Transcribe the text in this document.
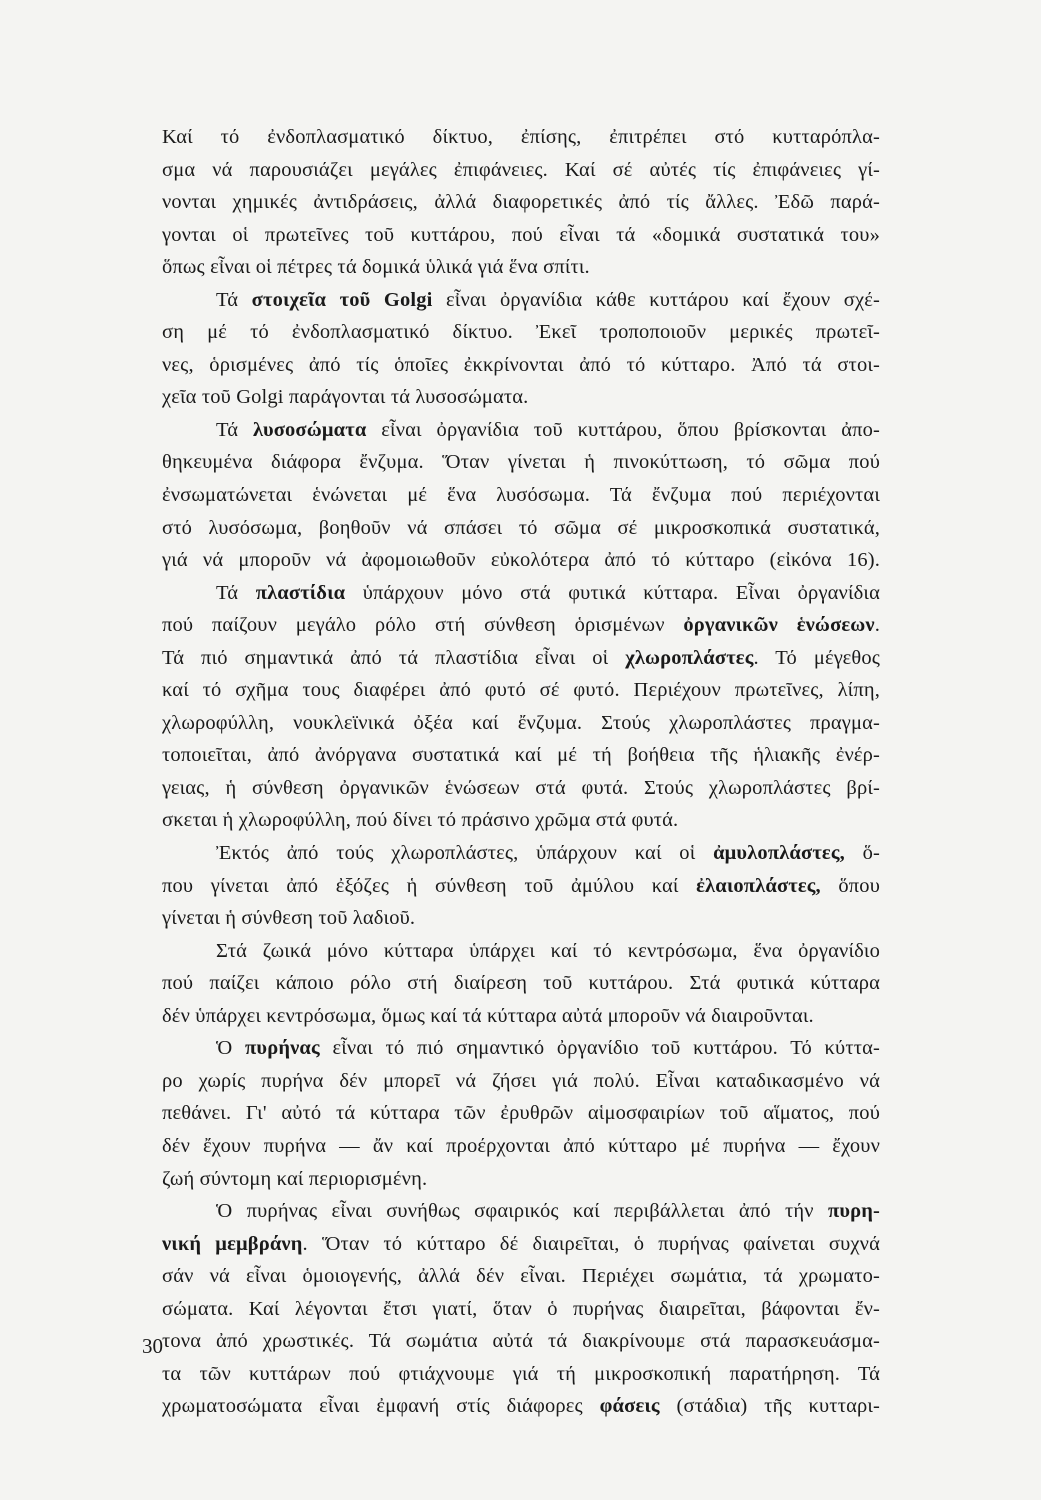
Καί τό ἐνδοπλασματικό δίκτυο, ἐπίσης, ἐπιτρέπει στό κυτταρόπλα-
σμα νά παρουσιάζει μεγάλες ἐπιφάνειες. Καί σέ αὐτές τίς ἐπιφάνειες γί-
νονται χημικές ἀντιδράσεις, ἀλλά διαφορετικές ἀπό τίς ἄλλες. Ἐδῶ παρά-
γονται οἱ πρωτεῖνες τοῦ κυττάρου, πού εἶναι τά «δομικά συστατικά του»
ὅπως εἶναι οἱ πέτρες τά δομικά ὑλικά γιά ἕνα σπίτι.
Τά στοιχεῖα τοῦ Golgi εἶναι ὀργανίδια κάθε κυττάρου καί ἔχουν σχέ-
ση μέ τό ἐνδοπλασματικό δίκτυο. Ἐκεῖ τροποποιοῦν μερικές πρωτεῖ-
νες, ὁρισμένες ἀπό τίς ὁποῖες ἐκκρίνονται ἀπό τό κύτταρο. Ἀπό τά στοι-
χεῖα τοῦ Golgi παράγονται τά λυσοσώματα.
Τά λυσοσώματα εἶναι ὀργανίδια τοῦ κυττάρου, ὅπου βρίσκονται ἀπο-
θηκευμένα διάφορα ἔνζυμα. Ὅταν γίνεται ἡ πινοκύττωση, τό σῶμα πού
ἐνσωματώνεται ἑνώνεται μέ ἕνα λυσόσωμα. Τά ἔνζυμα πού περιέχονται
στό λυσόσωμα, βοηθοῦν νά σπάσει τό σῶμα σέ μικροσκοπικά συστατικά,
γιά νά μποροῦν νά ἀφομοιωθοῦν εὐκολότερα ἀπό τό κύτταρο (εἰκόνα 16).
Τά πλαστίδια ὑπάρχουν μόνο στά φυτικά κύτταρα. Εἶναι ὀργανίδια
πού παίζουν μεγάλο ρόλο στή σύνθεση ὁρισμένων ὀργανικῶν ἑνώσεων.
Τά πιό σημαντικά ἀπό τά πλαστίδια εἶναι οἱ χλωροπλάστες. Τό μέγεθος
καί τό σχῆμα τους διαφέρει ἀπό φυτό σέ φυτό. Περιέχουν πρωτεῖνες, λίπη,
χλωροφύλλη, νουκλεϊνικά ὀξέα καί ἔνζυμα. Στούς χλωροπλάστες πραγμα-
τοποιεῖται, ἀπό ἀνόργανα συστατικά καί μέ τή βοήθεια τῆς ἡλιακῆς ἐνέρ-
γειας, ἡ σύνθεση ὀργανικῶν ἑνώσεων στά φυτά. Στούς χλωροπλάστες βρί-
σκεται ἡ χλωροφύλλη, πού δίνει τό πράσινο χρῶμα στά φυτά.
Ἐκτός ἀπό τούς χλωροπλάστες, ὑπάρχουν καί οἱ ἀμυλοπλάστες, ὅ-
που γίνεται ἀπό ἐξόζες ἡ σύνθεση τοῦ ἀμύλου καί ἐλαιοπλάστες, ὅπου
γίνεται ἡ σύνθεση τοῦ λαδιοῦ.
Στά ζωικά μόνο κύτταρα ὑπάρχει καί τό κεντρόσωμα, ἕνα ὀργανίδιο
πού παίζει κάποιο ρόλο στή διαίρεση τοῦ κυττάρου. Στά φυτικά κύτταρα
δέν ὑπάρχει κεντρόσωμα, ὅμως καί τά κύτταρα αὐτά μποροῦν νά διαιροῦνται.
Ὁ πυρήνας εἶναι τό πιό σημαντικό ὀργανίδιο τοῦ κυττάρου. Τό κύττα-
ρο χωρίς πυρήνα δέν μπορεῖ νά ζήσει γιά πολύ. Εἶναι καταδικασμένο νά
πεθάνει. Γι' αὐτό τά κύτταρα τῶν ἐρυθρῶν αἱμοσφαιρίων τοῦ αἵματος, πού
δέν ἔχουν πυρήνα — ἄν καί προέρχονται ἀπό κύτταρο μέ πυρήνα — ἔχουν
ζωή σύντομη καί περιορισμένη.
Ὁ πυρήνας εἶναι συνήθως σφαιρικός καί περιβάλλεται ἀπό τήν πυρη-
νική μεμβράνη. Ὅταν τό κύτταρο δέ διαιρεῖται, ὁ πυρήνας φαίνεται συχνά
σάν νά εἶναι ὁμοιογενής, ἀλλά δέν εἶναι. Περιέχει σωμάτια, τά χρωματο-
σώματα. Καί λέγονται ἔτσι γιατί, ὅταν ὁ πυρήνας διαιρεῖται, βάφονται ἔν-
τονα ἀπό χρωστικές. Τά σωμάτια αὐτά τά διακρίνουμε στά παρασκευάσμα-
τα τῶν κυττάρων πού φτιάχνουμε γιά τή μικροσκοπική παρατήρηση. Τά
χρωματοσώματα εἶναι ἐμφανή στίς διάφορες φάσεις (στάδια) τῆς κυτταρι-
30
